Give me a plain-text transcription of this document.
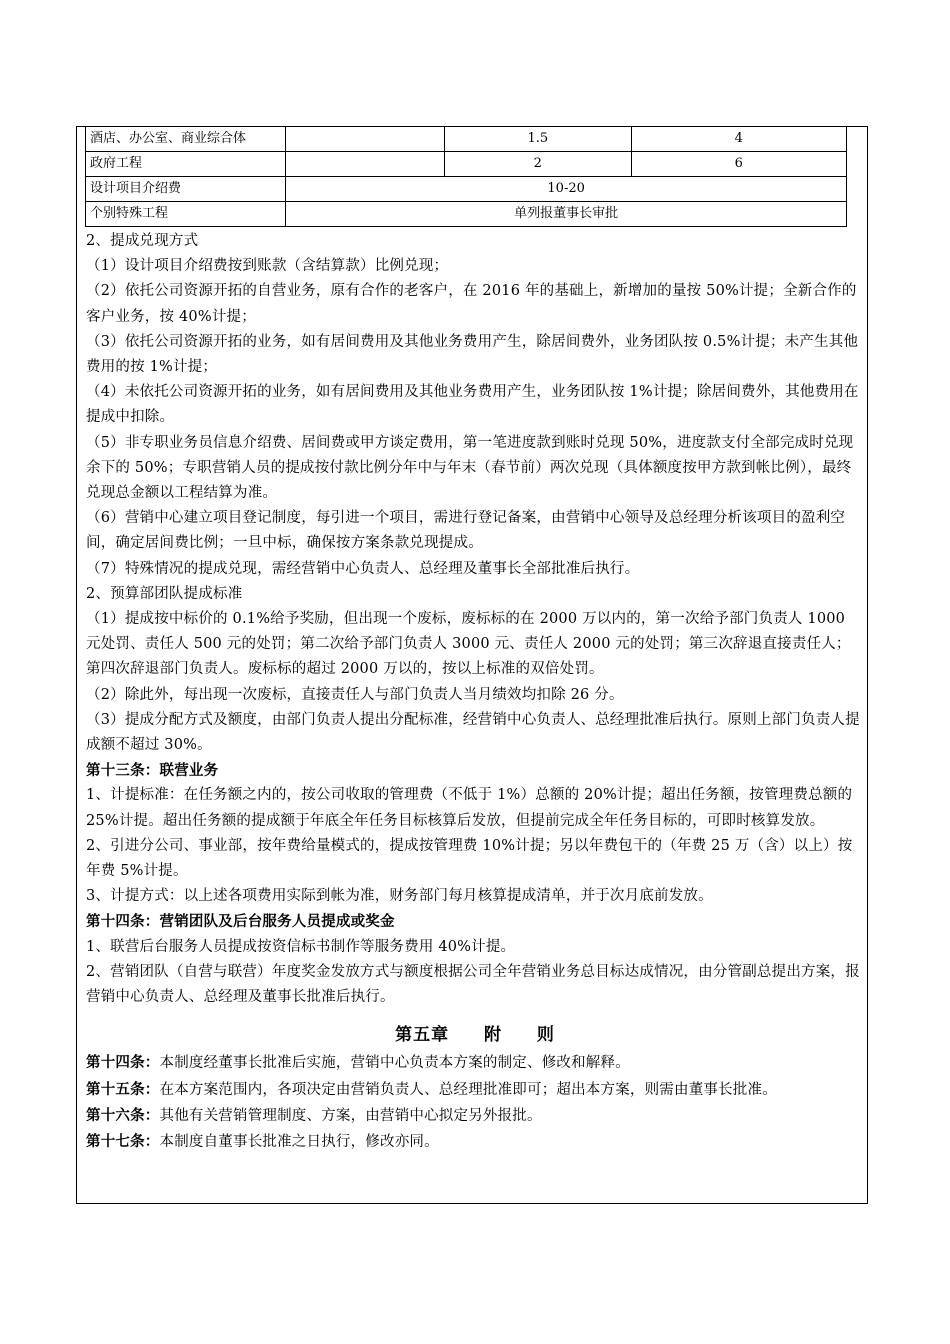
酒店、办公室、商业综合体		1.5	4
政府工程		2	6
设计项目介绍费	10-20		
个别特殊工程	单列报董事长审批		

2、提成兑现方式

（1）设计项目介绍费按到账款（含结算款）比例兑现；

（2）依托公司资源开拓的自营业务，原有合作的老客户，在 2016 年的基础上，新增加的量按 50%计提；全新合作的客户业务，按 40%计提；

（3）依托公司资源开拓的业务，如有居间费用及其他业务费用产生，除居间费外，业务团队按 0.5%计提；未产生其他费用的按 1%计提；

（4）未依托公司资源开拓的业务，如有居间费用及其他业务费用产生，业务团队按 1%计提；除居间费外，其他费用在提成中扣除。

（5）非专职业务员信息介绍费、居间费或甲方谈定费用，第一笔进度款到账时兑现 50%，进度款支付全部完成时兑现余下的 50%；专职营销人员的提成按付款比例分年中与年末（春节前）两次兑现（具体额度按甲方款到帐比例），最终兑现总金额以工程结算为准。

（6）营销中心建立项目登记制度，每引进一个项目，需进行登记备案，由营销中心领导及总经理分析该项目的盈利空间，确定居间费比例；一旦中标，确保按方案条款兑现提成。

（7）特殊情况的提成兑现，需经营销中心负责人、总经理及董事长全部批准后执行。

2、预算部团队提成标准

（1）提成按中标价的 0.1%给予奖励，但出现一个废标，废标标的在 2000 万以内的，第一次给予部门负责人 1000 元处罚、责任人 500 元的处罚；第二次给予部门负责人 3000 元、责任人 2000 元的处罚；第三次辞退直接责任人；第四次辞退部门负责人。废标标的超过 2000 万以的，按以上标准的双倍处罚。

（2）除此外，每出现一次废标，直接责任人与部门负责人当月绩效均扣除 26 分。

（3）提成分配方式及额度，由部门负责人提出分配标准，经营销中心负责人、总经理批准后执行。原则上部门负责人提成额不超过 30%。

第十三条：联营业务

1、计提标准：在任务额之内的，按公司收取的管理费（不低于 1%）总额的 20%计提；超出任务额，按管理费总额的 25%计提。超出任务额的提成额于年底全年任务目标核算后发放，但提前完成全年任务目标的，可即时核算发放。

2、引进分公司、事业部，按年费给量模式的，提成按管理费 10%计提；另以年费包干的（年费 25 万（含）以上）按年费 5%计提。

3、计提方式：以上述各项费用实际到帐为准，财务部门每月核算提成清单，并于次月底前发放。

第十四条：营销团队及后台服务人员提成或奖金

1、联营后台服务人员提成按资信标书制作等服务费用 40%计提。

2、营销团队（自营与联营）年度奖金发放方式与额度根据公司全年营销业务总目标达成情况，由分管副总提出方案，报营销中心负责人、总经理及董事长批准后执行。

第五章 附 则

第十四条：本制度经董事长批准后实施，营销中心负责本方案的制定、修改和解释。

第十五条：在本方案范围内，各项决定由营销负责人、总经理批准即可；超出本方案，则需由董事长批准。

第十六条：其他有关营销管理制度、方案，由营销中心拟定另外报批。

第十七条：本制度自董事长批准之日执行，修改亦同。
